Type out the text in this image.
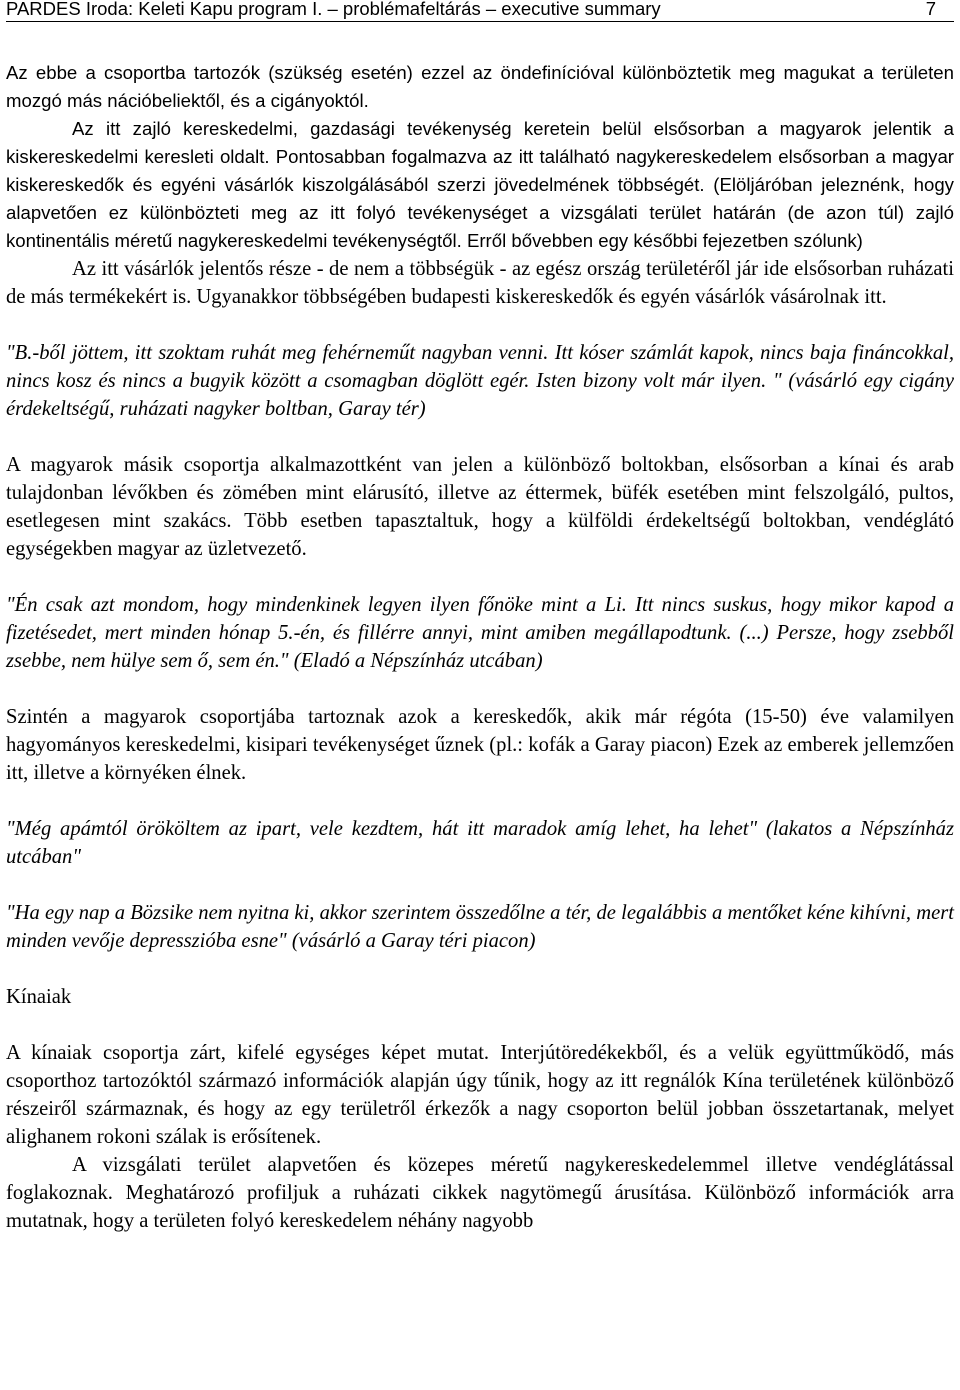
PARDES Iroda: Keleti Kapu program I. – problémafeltárás – executive summary	7

Az ebbe a csoportba tartozók (szükség esetén) ezzel az öndefinícióval különböztetik meg magukat a területen mozgó más nációbeliektől, és a cigányoktól.

Az itt zajló kereskedelmi, gazdasági tevékenység keretein belül elsősorban a magyarok jelentik a kiskereskedelmi keresleti oldalt. Pontosabban fogalmazva az itt található nagykereskedelem elsősorban a magyar kiskereskedők és egyéni vásárlók kiszolgálásából szerzi jövedelmének többségét. (Elöljáróban jeleznénk, hogy alapvetően ez különbözteti meg az itt folyó tevékenységet a vizsgálati terület határán (de azon túl) zajló kontinentális méretű nagykereskedelmi tevékenységtől. Erről bővebben egy későbbi fejezetben szólunk)

Az itt vásárlók jelentős része - de nem a többségük - az egész ország területéről jár ide elsősorban ruházati de más termékekért is. Ugyanakkor többségében budapesti kiskereskedők és egyén vásárlók vásárolnak itt.

"B.-ből jöttem, itt szoktam ruhát meg fehérneműt nagyban venni. Itt kóser számlát kapok, nincs baja fináncokkal, nincs kosz és nincs a bugyik között a csomagban döglött egér. Isten bizony volt már ilyen. " (vásárló egy cigány érdekeltségű, ruházati nagyker boltban, Garay tér)

A magyarok másik csoportja alkalmazottként van jelen a különböző boltokban, elsősorban a kínai és arab tulajdonban lévőkben és zömében mint elárusító, illetve az éttermek, büfék esetében mint felszolgáló, pultos, esetlegesen mint szakács. Több esetben tapasztaltuk, hogy a külföldi érdekeltségű boltokban, vendéglátó egységekben magyar az üzletvezető.

"Én csak azt mondom, hogy mindenkinek legyen ilyen főnöke mint a Li. Itt nincs suskus, hogy mikor kapod a fizetésedet, mert minden hónap 5.-én, és fillérre annyi, mint amiben megállapodtunk. (...) Persze, hogy zsebből zsebbe, nem hülye sem ő, sem én." (Eladó a Népszínház utcában)

Szintén a magyarok csoportjába tartoznak azok a kereskedők, akik már régóta (15-50) éve valamilyen hagyományos kereskedelmi, kisipari tevékenységet űznek (pl.: kofák a Garay piacon) Ezek az emberek jellemzően itt, illetve a környéken élnek.

"Még apámtól örököltem az ipart, vele kezdtem, hát itt maradok amíg lehet, ha lehet" (lakatos a Népszínház utcában"

"Ha egy nap a Bözsike nem nyitna ki, akkor szerintem összedőlne a tér, de legalábbis a mentőket kéne kihívni, mert minden vevője depresszióba esne" (vásárló a Garay téri piacon)

Kínaiak

A kínaiak csoportja zárt, kifelé egységes képet mutat. Interjútöredékekből, és a velük együttműködő, más csoporthoz tartozóktól származó információk alapján úgy tűnik, hogy az itt regnálók Kína területének különböző részeiről származnak, és hogy az egy területről érkezők a nagy csoporton belül jobban összetartanak, melyet alighanem rokoni szálak is erősítenek.

A vizsgálati terület alapvetően és közepes méretű nagykereskedelemmel illetve vendéglátással foglakoznak. Meghatározó profiljuk a ruházati cikkek nagytömegű árusítása. Különböző információk arra mutatnak, hogy a területen folyó kereskedelem néhány nagyobb
